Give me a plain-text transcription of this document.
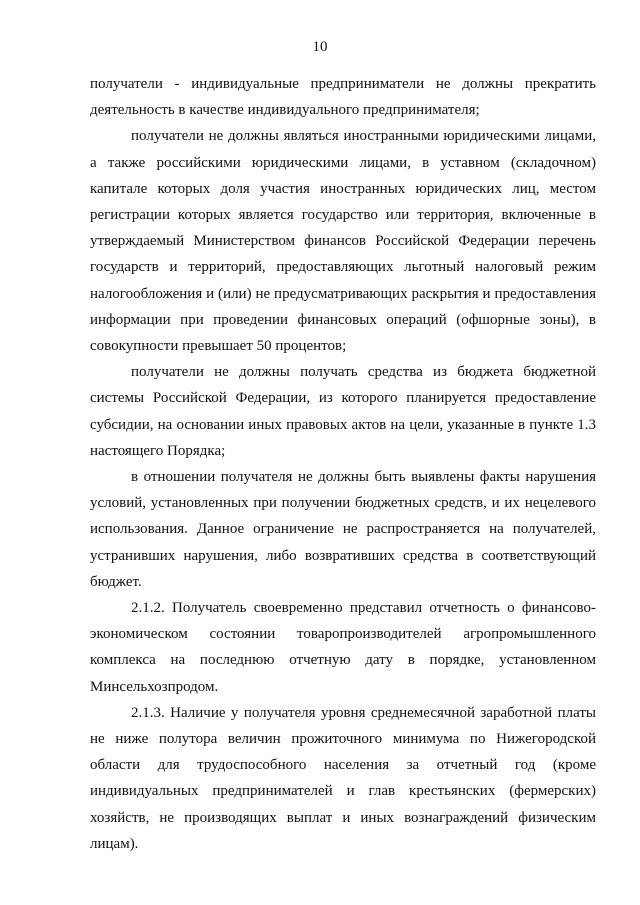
10

получатели - индивидуальные предприниматели не должны прекратить деятельность в качестве индивидуального предпринимателя;

получатели не должны являться иностранными юридическими лицами, а также российскими юридическими лицами, в уставном (складочном) капитале которых доля участия иностранных юридических лиц, местом регистрации которых является государство или территория, включенные в утверждаемый Министерством финансов Российской Федерации перечень государств и территорий, предоставляющих льготный налоговый режим налогообложения и (или) не предусматривающих раскрытия и предоставления информации при проведении финансовых операций (офшорные зоны), в совокупности превышает 50 процентов;

получатели не должны получать средства из бюджета бюджетной системы Российской Федерации, из которого планируется предоставление субсидии, на основании иных правовых актов на цели, указанные в пункте 1.3 настоящего Порядка;

в отношении получателя не должны быть выявлены факты нарушения условий, установленных при получении бюджетных средств, и их нецелевого использования. Данное ограничение не распространяется на получателей, устранивших нарушения, либо возвративших средства в соответствующий бюджет.

2.1.2. Получатель своевременно представил отчетность о финансово-экономическом состоянии товаропроизводителей агропромышленного комплекса на последнюю отчетную дату в порядке, установленном Минсельхозпродом.

2.1.3. Наличие у получателя уровня среднемесячной заработной платы не ниже полутора величин прожиточного минимума по Нижегородской области для трудоспособного населения за отчетный год (кроме индивидуальных предпринимателей и глав крестьянских (фермерских) хозяйств, не производящих выплат и иных вознаграждений физическим лицам).
